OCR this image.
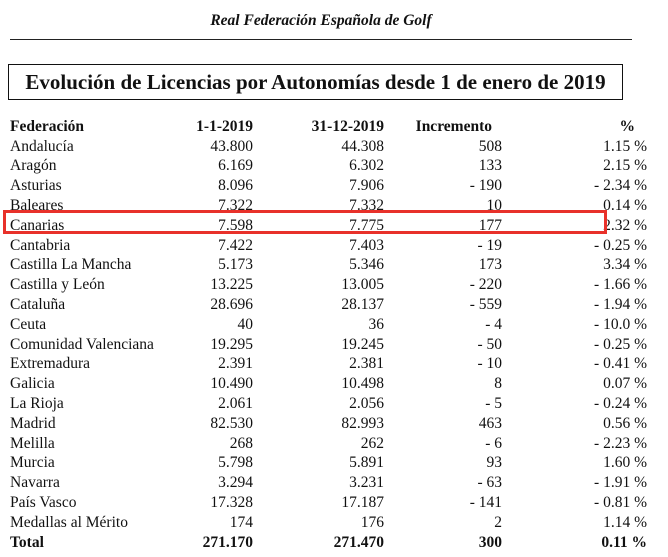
Real Federación Española de Golf
Evolución de Licencias por Autonomías desde 1 de enero de 2019
Federación	1-1-2019	31-12-2019	Incremento	%
Andalucía	43.800	44.308	508	1.15 %
Aragón	6.169	6.302	133	2.15 %
Asturias	8.096	7.906	- 190	- 2.34 %
Baleares	7.322	7.332	10	0.14 %
Canarias	7.598	7.775	177	2.32 %
Cantabria	7.422	7.403	- 19	- 0.25 %
Castilla La Mancha	5.173	5.346	173	3.34 %
Castilla y León	13.225	13.005	- 220	- 1.66 %
Cataluña	28.696	28.137	- 559	- 1.94 %
Ceuta	40	36	- 4	- 10.0 %
Comunidad Valenciana	19.295	19.245	- 50	- 0.25 %
Extremadura	2.391	2.381	- 10	- 0.41 %
Galicia	10.490	10.498	8	0.07 %
La Rioja	2.061	2.056	- 5	- 0.24 %
Madrid	82.530	82.993	463	0.56 %
Melilla	268	262	- 6	- 2.23 %
Murcia	5.798	5.891	93	1.60 %
Navarra	3.294	3.231	- 63	- 1.91 %
País Vasco	17.328	17.187	- 141	- 0.81 %
Medallas al Mérito	174	176	2	1.14 %
Total	271.170	271.470	300	0.11 %
